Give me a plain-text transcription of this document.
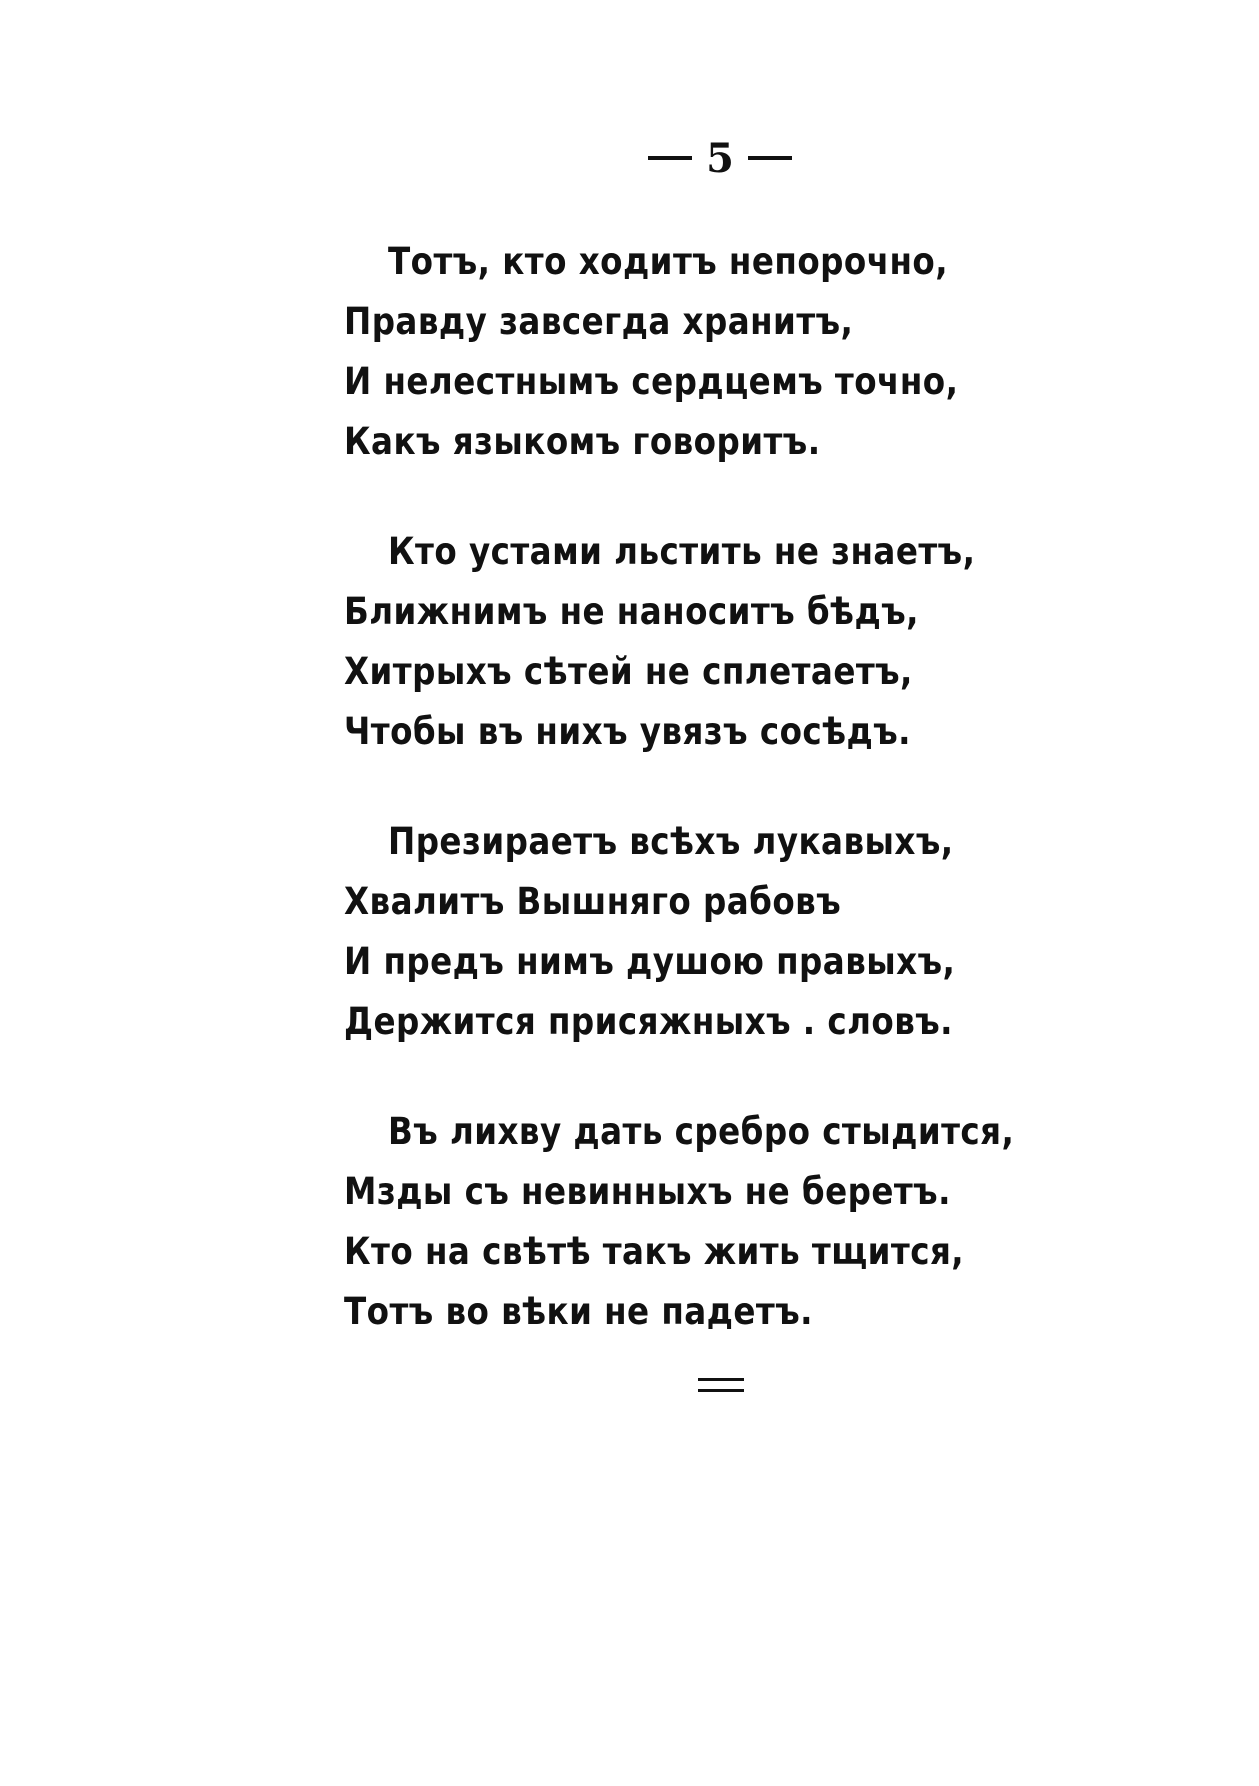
5
Тотъ, кто ходитъ непорочно,
Правду завсегда хранитъ,
И нелестнымъ сердцемъ точно,
Какъ языкомъ говоритъ.
Кто устами льстить не знаетъ,
Ближнимъ не наноситъ бѣдъ,
Хитрыхъ сѣтей не сплетаетъ,
Чтобы въ нихъ увязъ сосѣдъ.
Презираетъ всѣхъ лукавыхъ,
Хвалитъ Вышняго рабовъ
И предъ нимъ душою правыхъ,
Держится присяжныхъ . словъ.
Въ лихву дать сребро стыдится,
Мзды съ невинныхъ не беретъ.
Кто на свѣтѣ такъ жить тщится,
Тотъ во вѣки не падетъ.
